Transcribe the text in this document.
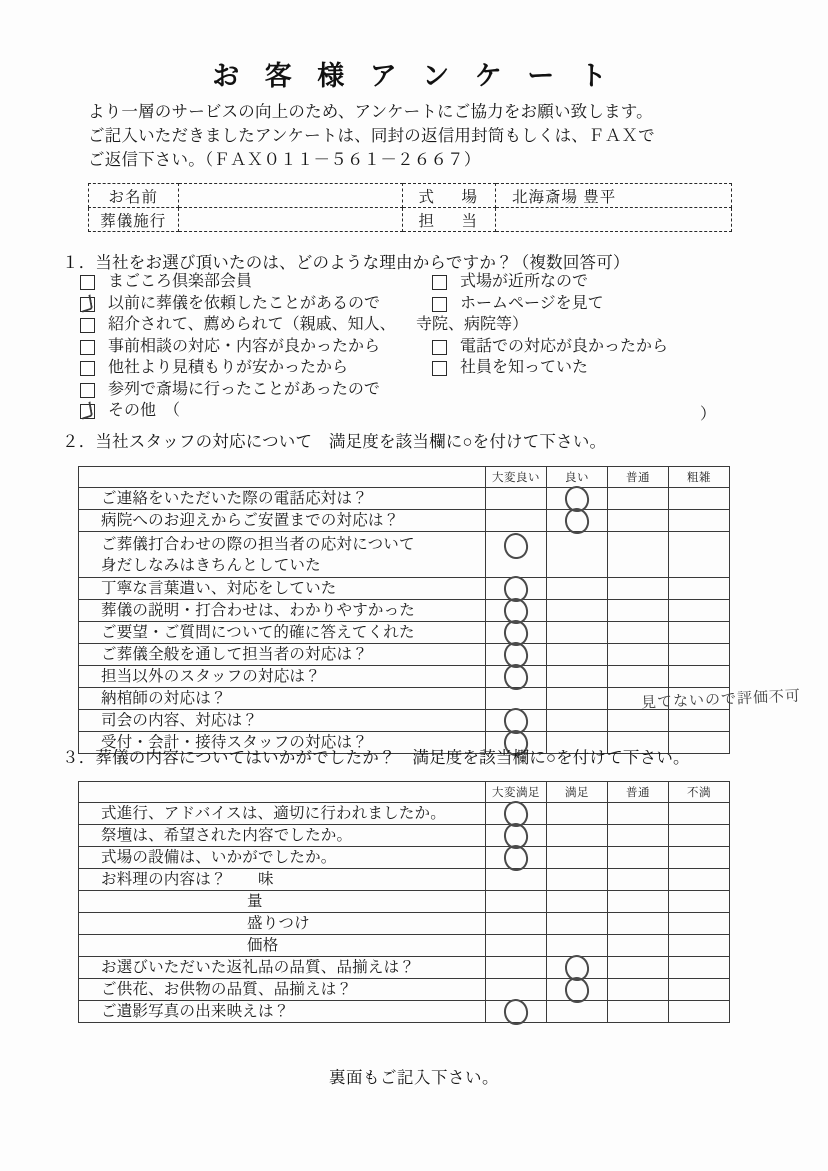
お 客 様 ア ン ケ ー ト
より一層のサービスの向上のため、アンケートにご協力をお願い致します。
ご記入いただきましたアンケートは、同封の返信用封筒もしくは、ＦＡＸで
ご返信下さい。（ＦＡＸ０１１－５６１－２６６７）
お名前		式　場	北海斎場 豊平
葬儀施行		担　当	
１．当社をお選び頂いたのは、どのような理由からですか？（複数回答可）
まごころ倶楽部会員	式場が近所なので
以前に葬儀を依頼したことがあるので	ホームページを見て
紹介されて、薦められて（親戚、知人、 寺院、病院等）
事前相談の対応・内容が良かったから	電話での対応が良かったから
他社より見積もりが安かったから	社員を知っていた
参列で斎場に行ったことがあったので
その他　（	）
２．当社スタッフの対応について　満足度を該当欄に○を付けて下さい。
	大変良い	良い	普通	粗雑
ご連絡をいただいた際の電話応対は？		

病院へのお迎えからご安置までの対応は？		

ご葬儀打合わせの際の担当者の応対について
身だしなみはきちんとしていた				

丁寧な言葉遣い、対応をしていた	

葬儀の説明・打合わせは、わかりやすかった	

ご要望・ご質問について的確に答えてくれた	

ご葬儀全般を通して担当者の対応は？	

担当以外のスタッフの対応は？	

納棺師の対応は？		見てないので評価不可		

司会の内容、対応は？	

受付・会計・接待スタッフの対応は？	

３．葬儀の内容についてはいかがでしたか？　満足度を該当欄に○を付けて下さい。
	大変満足	満足	普通	不満
式進行、アドバイスは、適切に行われましたか。	

祭壇は、希望された内容でしたか。	

式場の設備は、いかがでしたか。	

お料理の内容は？　　味				
量				
盛りつけ				
価格				
お選びいただいた返礼品の品質、品揃えは？		

ご供花、お供物の品質、品揃えは？		

ご遺影写真の出来映えは？	

裏面もご記入下さい。
